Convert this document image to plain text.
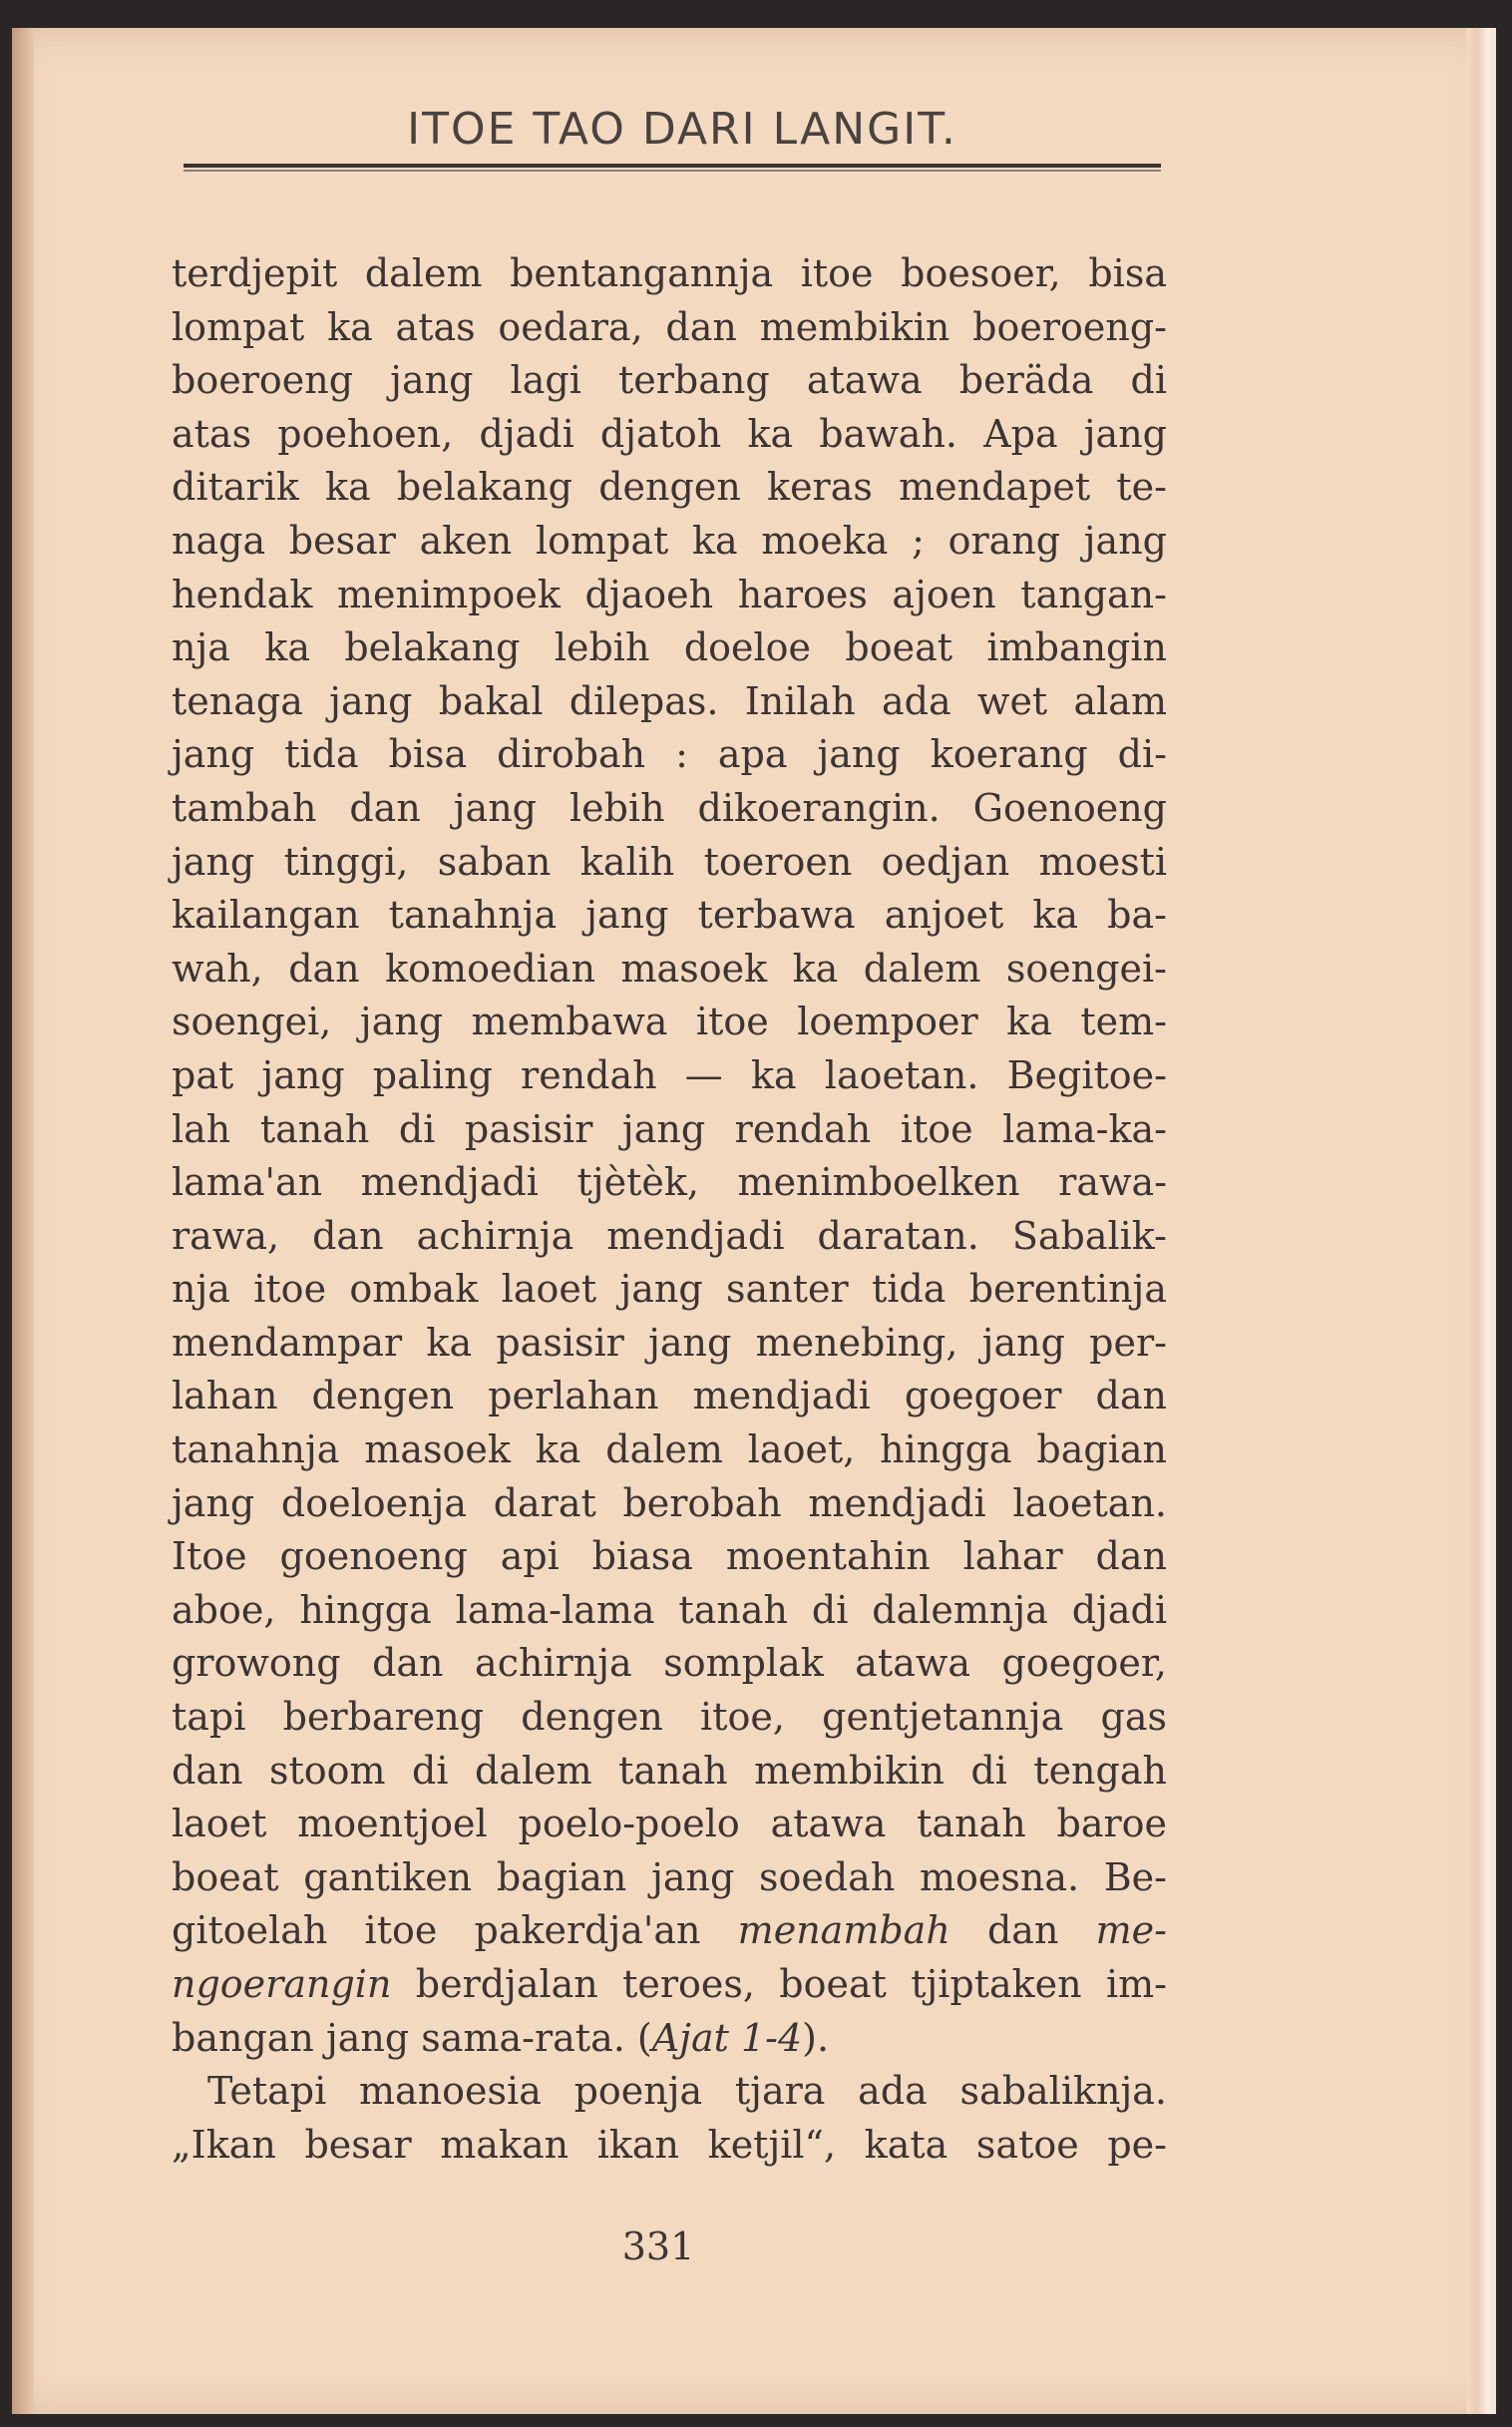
ITOE TAO DARI LANGIT.

terdjepit dalem bentangannja itoe boesoer, bisa
lompat ka atas oedara, dan membikin boeroeng-
boeroeng jang lagi terbang atawa beräda di
atas poehoen, djadi djatoh ka bawah. Apa jang
ditarik ka belakang dengen keras mendapet te-
naga besar aken lompat ka moeka ; orang jang
hendak menimpoek djaoeh haroes ajoen tangan-
nja ka belakang lebih doeloe boeat imbangin
tenaga jang bakal dilepas. Inilah ada wet alam
jang tida bisa dirobah : apa jang koerang di-
tambah dan jang lebih dikoerangin. Goenoeng
jang tinggi, saban kalih toeroen oedjan moesti
kailangan tanahnja jang terbawa anjoet ka ba-
wah, dan komoedian masoek ka dalem soengei-
soengei, jang membawa itoe loempoer ka tem-
pat jang paling rendah — ka laoetan. Begitoe-
lah tanah di pasisir jang rendah itoe lama-ka-
lama'an mendjadi tjètèk, menimboelken rawa-
rawa, dan achirnja mendjadi daratan. Sabalik-
nja itoe ombak laoet jang santer tida berentinja
mendampar ka pasisir jang menebing, jang per-
lahan dengen perlahan mendjadi goegoer dan
tanahnja masoek ka dalem laoet, hingga bagian
jang doeloenja darat berobah mendjadi laoetan.
Itoe goenoeng api biasa moentahin lahar dan
aboe, hingga lama-lama tanah di dalemnja djadi
growong dan achirnja somplak atawa goegoer,
tapi berbareng dengen itoe, gentjetannja gas
dan stoom di dalem tanah membikin di tengah
laoet moentjoel poelo-poelo atawa tanah baroe
boeat gantiken bagian jang soedah moesna. Be-
gitoelah itoe pakerdja'an menambah dan me-
ngoerangin berdjalan teroes, boeat tjiptaken im-
bangan jang sama-rata. (Ajat 1-4).

Tetapi manoesia poenja tjara ada sabaliknja.
„Ikan besar makan ikan ketjil“, kata satoe pe-

331
